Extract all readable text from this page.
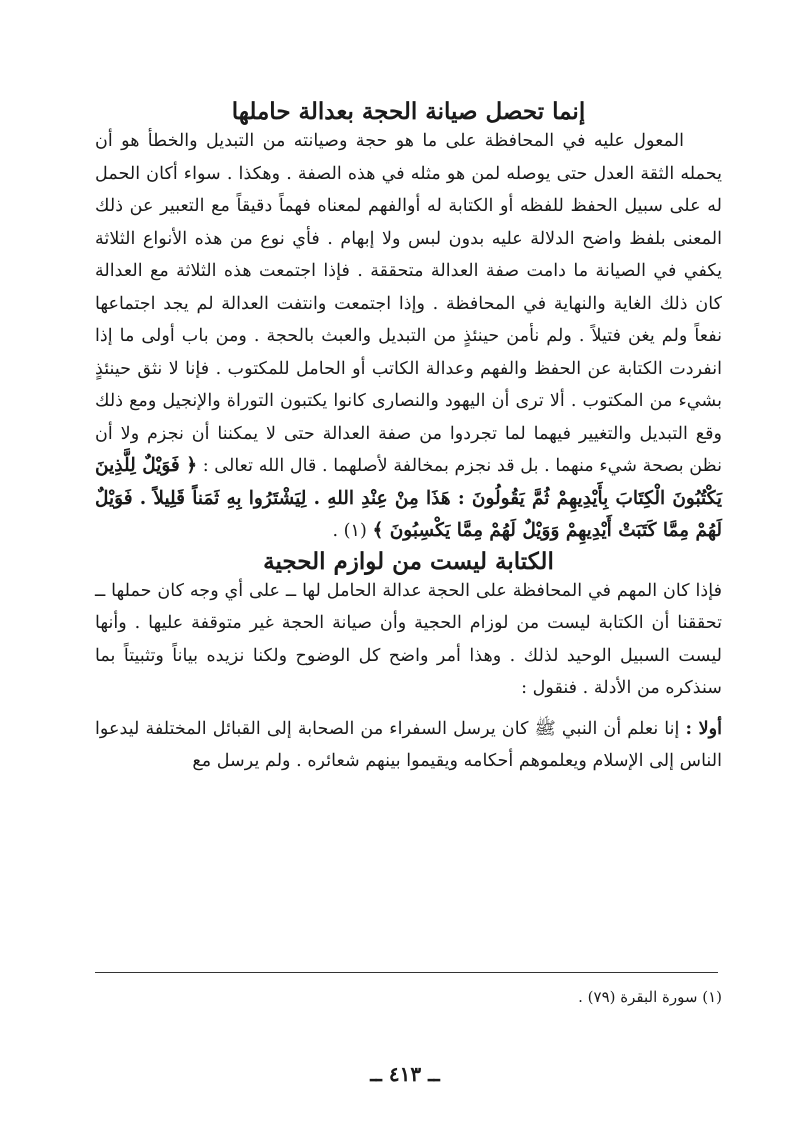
إنما تحصل صيانة الحجة بعدالة حاملها

المعول عليه في المحافظة على ما هو حجة وصيانته من التبديل والخطأ هو أن يحمله الثقة العدل حتى يوصله لمن هو مثله في هذه الصفة . وهكذا . سواء أكان الحمل له على سبيل الحفظ للفظه أو الكتابة له أوالفهم لمعناه فهماً دقيقاً مع التعبير عن ذلك المعنى بلفظ واضح الدلالة عليه بدون لبس ولا إبهام . فأي نوع من هذه الأنواع الثلاثة يكفي في الصيانة ما دامت صفة العدالة متحققة . فإذا اجتمعت هذه الثلاثة مع العدالة كان ذلك الغاية والنهاية في المحافظة . وإذا اجتمعت وانتفت العدالة لم يجد اجتماعها نفعاً ولم يغن فتيلاً . ولم نأمن حينئذٍ من التبديل والعبث بالحجة . ومن باب أولى ما إذا انفردت الكتابة عن الحفظ والفهم وعدالة الكاتب أو الحامل للمكتوب . فإنا لا نثق حينئذٍ بشيء من المكتوب . ألا ترى أن اليهود والنصارى كانوا يكتبون التوراة والإنجيل ومع ذلك وقع التبديل والتغيير فيهما لما تجردوا من صفة العدالة حتى لا يمكننا أن نجزم ولا أن نظن بصحة شيء منهما . بل قد نجزم بمخالفة لأصلهما . قال الله تعالى : ﴿ فَوَيْلٌ لِلَّذِينَ يَكْتُبُونَ الْكِتَابَ بِأَيْدِيهِمْ ثُمَّ يَقُولُونَ : هَذَا مِنْ عِنْدِ اللهِ . لِيَشْتَرُوا بِهِ ثَمَناً قَلِيلاً . فَوَيْلٌ لَهُمْ مِمَّا كَتَبَتْ أَيْدِيهِمْ وَوَيْلٌ لَهُمْ مِمَّا يَكْسِبُونَ ﴾ (١) .

الكتابة ليست من لوازم الحجية

فإذا كان المهم في المحافظة على الحجة عدالة الحامل لها ــ على أي وجه كان حملها ــ تحققنا أن الكتابة ليست من لوزام الحجية وأن صيانة الحجة غير متوقفة عليها . وأنها ليست السبيل الوحيد لذلك . وهذا أمر واضح كل الوضوح ولكنا نزيده بياناً وتثبيتاً بما سنذكره من الأدلة . فنقول :

أولا : إنا نعلم أن النبي ﷺ كان يرسل السفراء من الصحابة إلى القبائل المختلفة ليدعوا الناس إلى الإسلام ويعلموهم أحكامه ويقيموا بينهم شعائره . ولم يرسل مع

(١) سورة البقرة (٧٩) .
ــ ٤١٣ ــ
